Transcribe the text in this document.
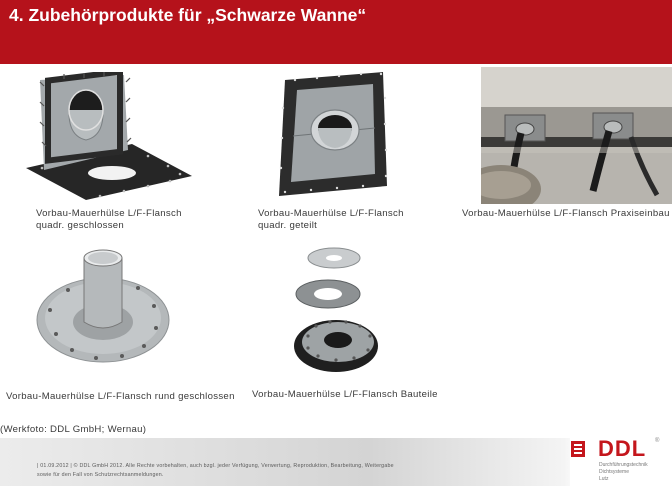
4. Zubehörprodukte für „Schwarze Wanne“
Vorbau-Mauerhülse L/F-Flansch
quadr. geschlossen
Vorbau-Mauerhülse L/F-Flansch
quadr. geteilt
Vorbau-Mauerhülse L/F-Flansch Praxiseinbau
Vorbau-Mauerhülse L/F-Flansch rund geschlossen Vorbau-Mauerhülse L/F-Flansch Bauteile
(Werkfoto: DDL GmbH; Wernau)
| 01.09.2012 | © DDL GmbH 2012. Alle Rechte vorbehalten, auch bzgl. jeder Verfügung, Verwertung, Reproduktion, Bearbeitung, Weitergabe
sowie für den Fall von Schutzrechtsanmeldungen.
DDL ®
Durchführungstechnik
Dichtsysteme
Lutz
